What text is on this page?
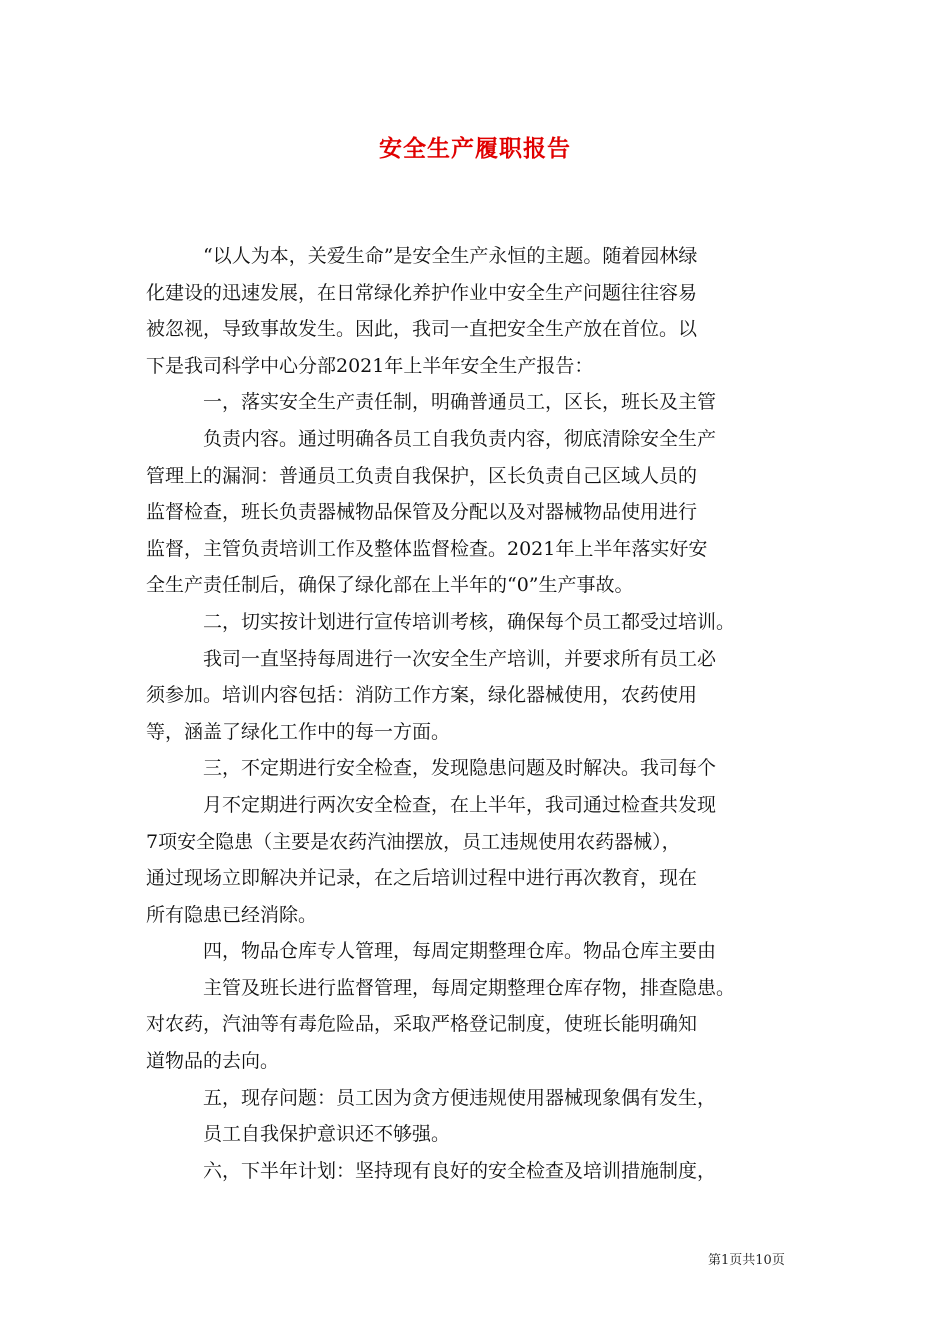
安全生产履职报告
“以人为本，关爱生命”是安全生产永恒的主题。随着园林绿
化建设的迅速发展，在日常绿化养护作业中安全生产问题往往容易
被忽视，导致事故发生。因此，我司一直把安全生产放在首位。以
下是我司科学中心分部2021年上半年安全生产报告：
一，落实安全生产责任制，明确普通员工，区长，班长及主管
负责内容。通过明确各员工自我负责内容，彻底清除安全生产
管理上的漏洞：普通员工负责自我保护，区长负责自己区域人员的
监督检查，班长负责器械物品保管及分配以及对器械物品使用进行
监督，主管负责培训工作及整体监督检查。2021年上半年落实好安
全生产责任制后，确保了绿化部在上半年的“0”生产事故。
二，切实按计划进行宣传培训考核，确保每个员工都受过培训。
我司一直坚持每周进行一次安全生产培训，并要求所有员工必
须参加。培训内容包括：消防工作方案，绿化器械使用，农药使用
等，涵盖了绿化工作中的每一方面。
三，不定期进行安全检查，发现隐患问题及时解决。我司每个
月不定期进行两次安全检查，在上半年，我司通过检查共发现
7项安全隐患（主要是农药汽油摆放，员工违规使用农药器械），
通过现场立即解决并记录，在之后培训过程中进行再次教育，现在
所有隐患已经消除。
四，物品仓库专人管理，每周定期整理仓库。物品仓库主要由
主管及班长进行监督管理，每周定期整理仓库存物，排查隐患。
对农药，汽油等有毒危险品，采取严格登记制度，使班长能明确知
道物品的去向。
五，现存问题：员工因为贪方便违规使用器械现象偶有发生，
员工自我保护意识还不够强。
六，下半年计划：坚持现有良好的安全检查及培训措施制度，
第1页共10页
